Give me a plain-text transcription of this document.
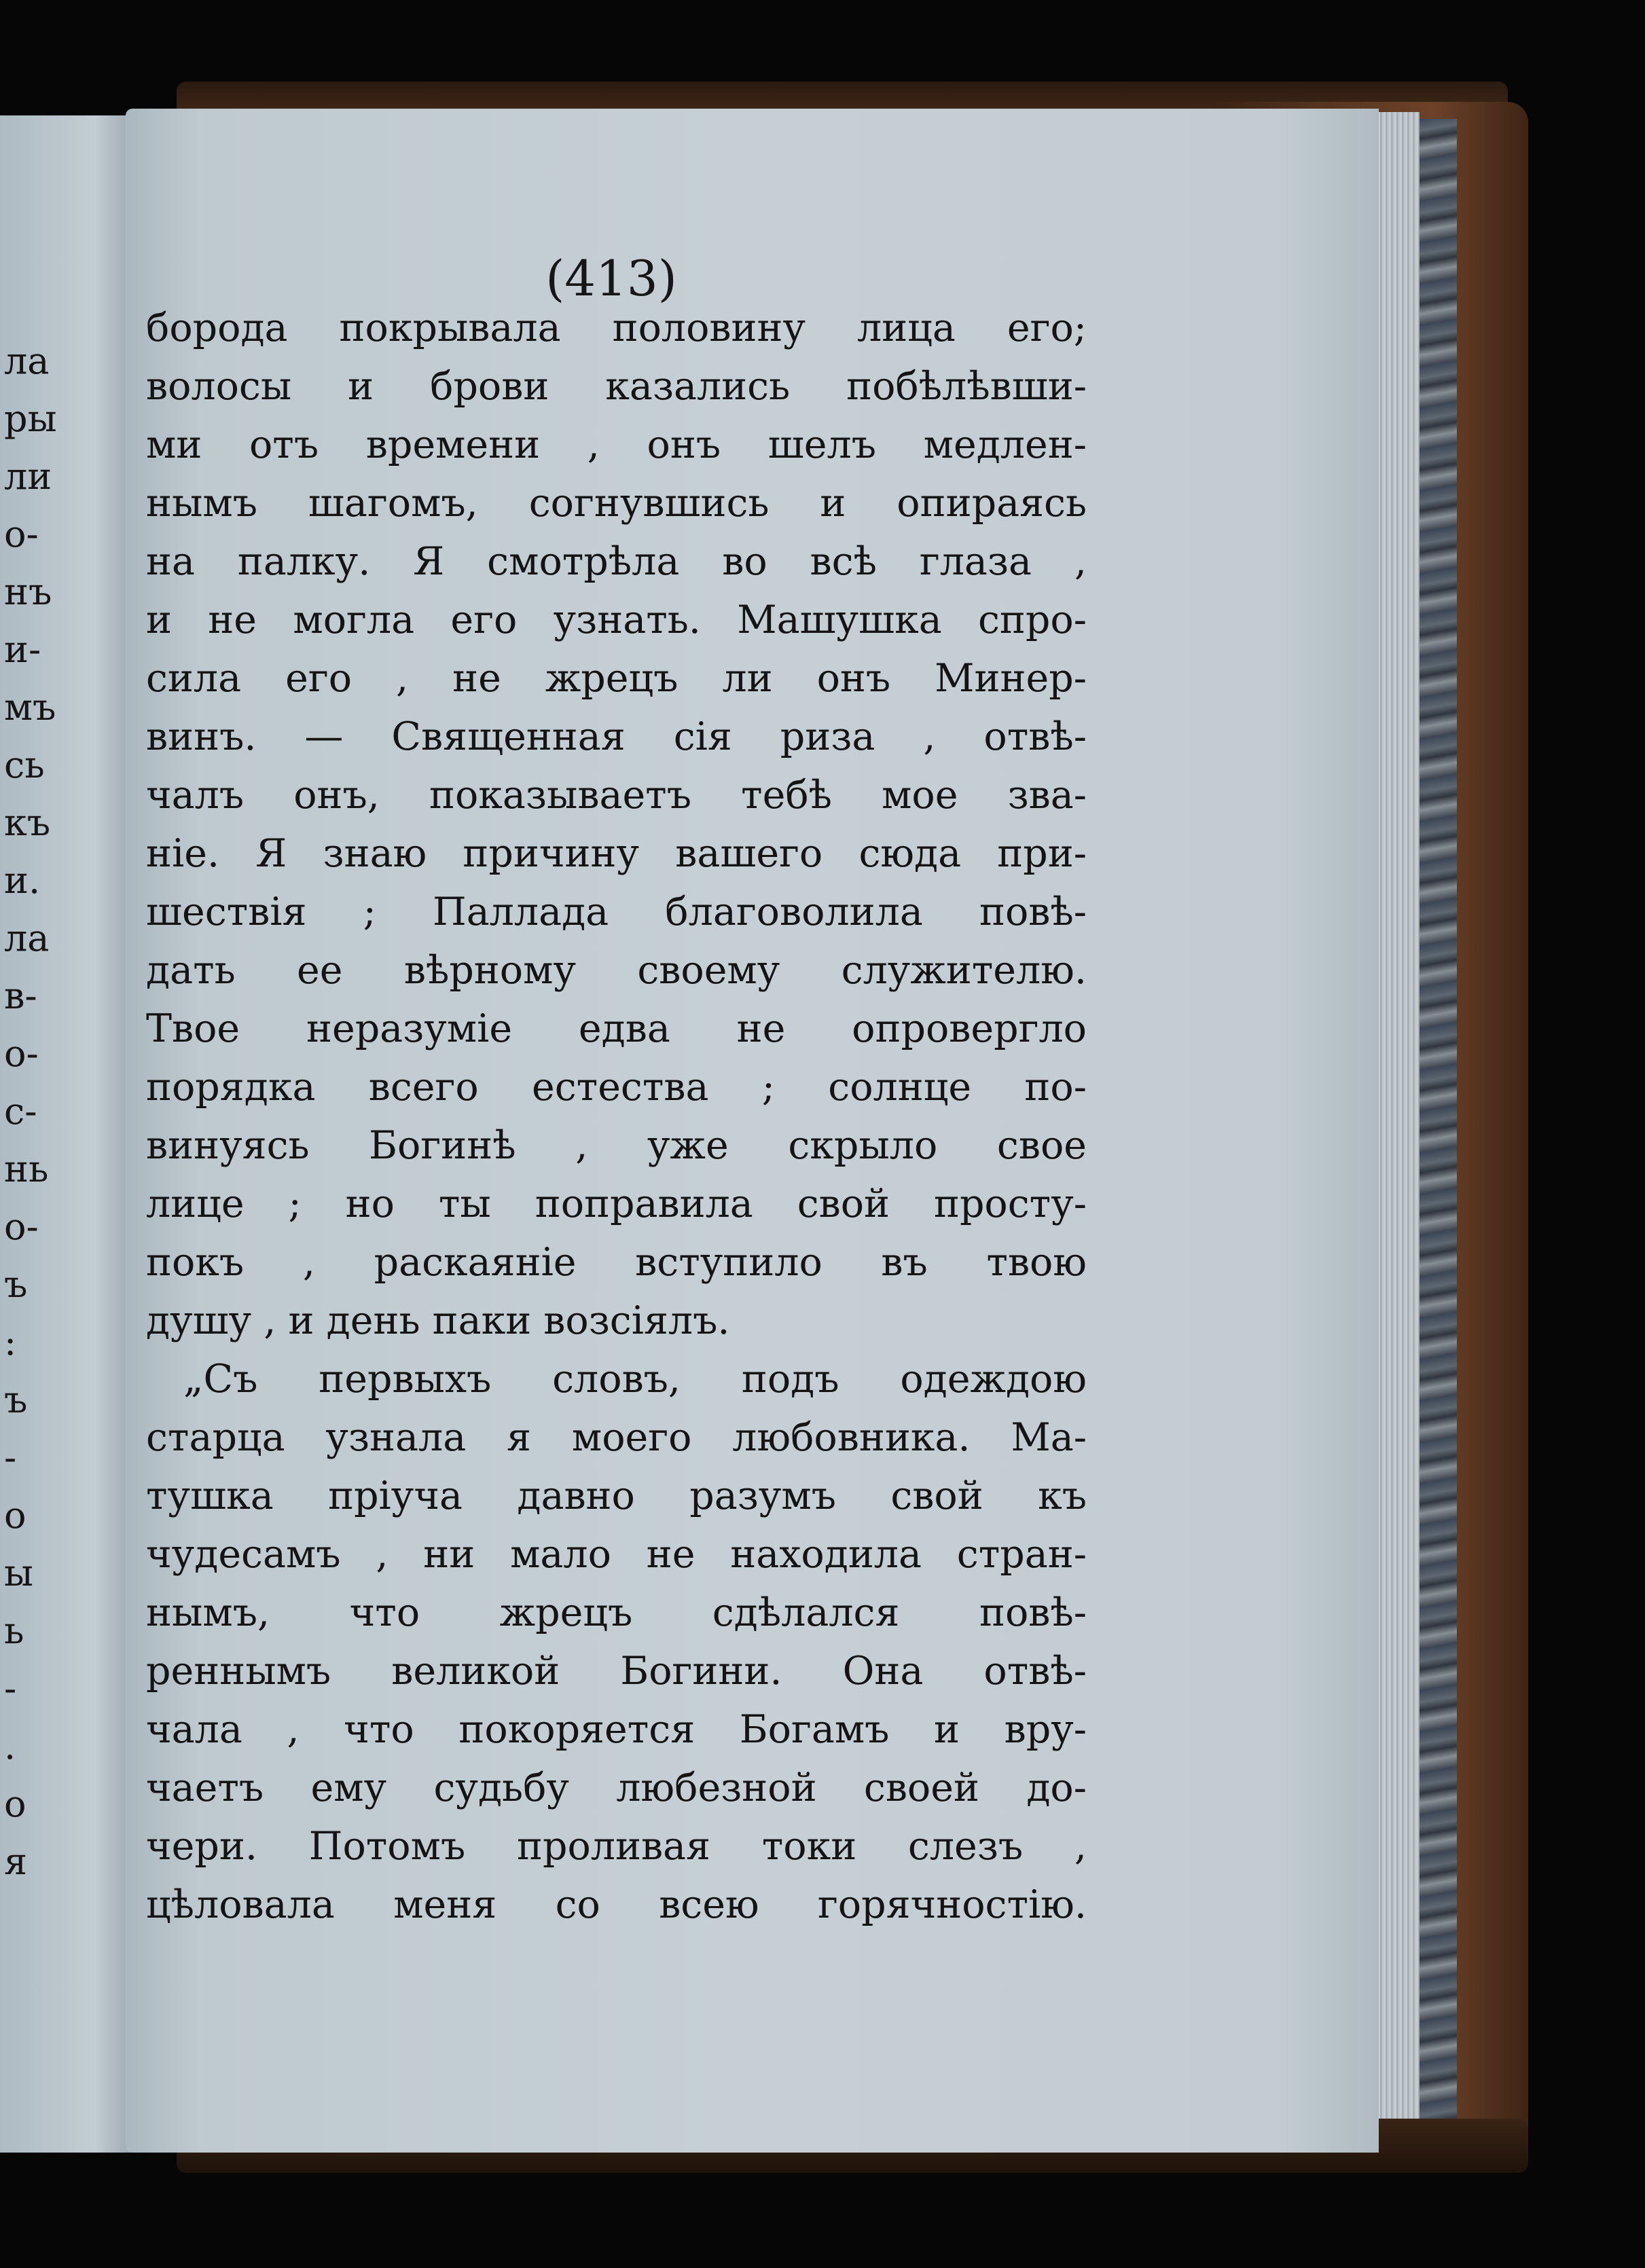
ла
ры
ли
о-
нъ
и-
мъ
сь
къ
и.
ла
в-
о-
с-
нь
о-
ъ
:
ъ
-
о
ы
ь
-
.
о
я
(413)
борода покрывала половину лица его;
волосы и брови казались побѣлѣвши-
ми отъ времени , онъ шелъ медлен-
нымъ шагомъ, согнувшись и опираясь
на палку. Я смотрѣла во всѣ глаза ,
и не могла его узнать. Машушка спро-
сила его , не жрецъ ли онъ Минер-
винъ. — Священная сія риза , отвѣ-
чалъ онъ, показываетъ тебѣ мое зва-
ніе. Я знаю причину вашего сюда при-
шествія ; Паллада благоволила повѣ-
дать ее вѣрному своему служителю.
Твое неразуміе едва не опровергло
порядка всего естества ; солнце по-
винуясь Богинѣ , уже скрыло свое
лице ; но ты поправила свой просту-
покъ , раскаяніе вступило въ твою
душу , и день паки возсіялъ.
„Съ первыхъ словъ, подъ одеждою
старца узнала я моего любовника. Ма-
тушка пріуча давно разумъ свой къ
чудесамъ , ни мало не находила стран-
нымъ, что жрецъ сдѣлался повѣ-
реннымъ великой Богини. Она отвѣ-
чала , что покоряется Богамъ и вру-
чаетъ ему судьбу любезной своей до-
чери. Потомъ проливая токи слезъ ,
цѣловала меня со всею горячностію.
